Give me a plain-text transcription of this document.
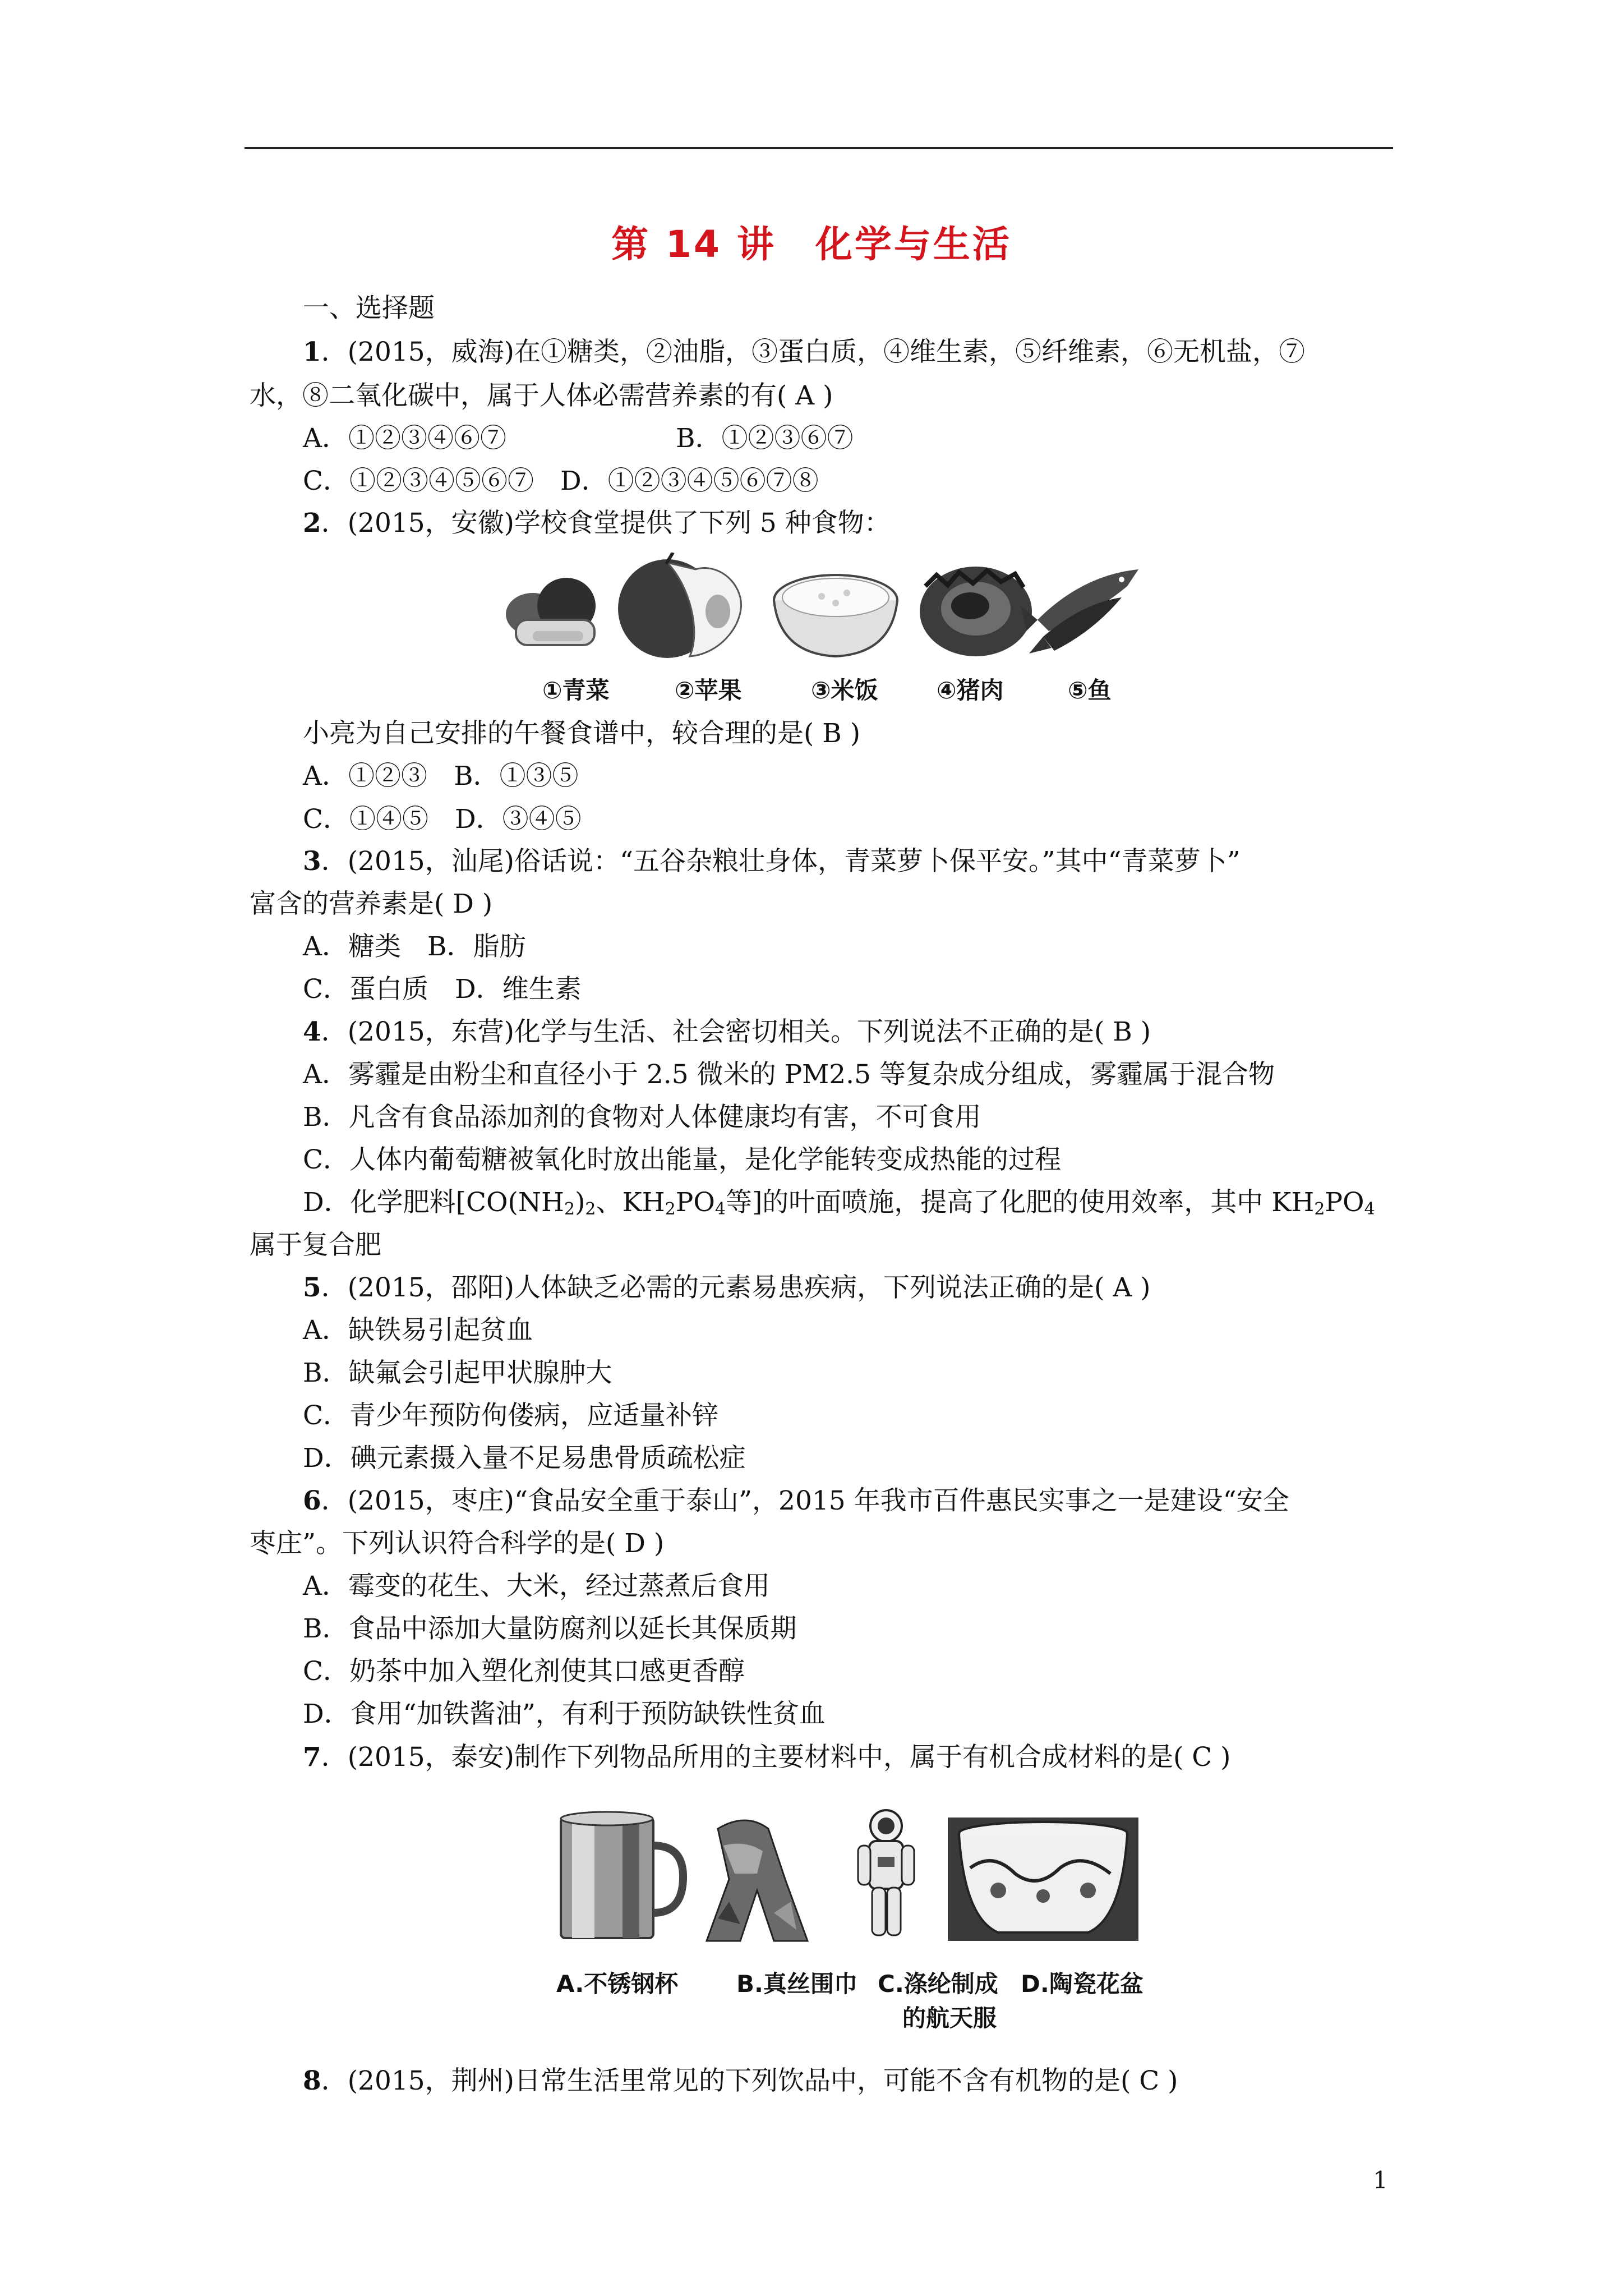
第 14 讲　化学与生活
一、选择题
1．(2015，威海)在①糖类，②油脂，③蛋白质，④维生素，⑤纤维素，⑥无机盐，⑦
水，⑧二氧化碳中，属于人体必需营养素的有( A )
A．①②③④⑥⑦	B．①②③⑥⑦
C．①②③④⑤⑥⑦　D．①②③④⑤⑥⑦⑧
2．(2015，安徽)学校食堂提供了下列 5 种食物：
①青菜	②苹果	③米饭 ④猪肉	⑤鱼
小亮为自己安排的午餐食谱中，较合理的是( B )
A．①②③　B．①③⑤
C．①④⑤　D．③④⑤
3．(2015，汕尾)俗话说：“五谷杂粮壮身体，青菜萝卜保平安。”其中“青菜萝卜”
富含的营养素是( D )
A．糖类　B．脂肪
C．蛋白质　D．维生素
4．(2015，东营)化学与生活、社会密切相关。下列说法不正确的是( B )
A．雾霾是由粉尘和直径小于 2.5 微米的 PM2.5 等复杂成分组成，雾霾属于混合物
B．凡含有食品添加剂的食物对人体健康均有害，不可食用
C．人体内葡萄糖被氧化时放出能量，是化学能转变成热能的过程
D．化学肥料[$CO(NH_2)_2$、$KH_2PO_4$等]的叶面喷施，提高了化肥的使用效率，其中 $KH_2PO_4$
属于复合肥
5．(2015，邵阳)人体缺乏必需的元素易患疾病，下列说法正确的是( A )
A．缺铁易引起贫血
B．缺氟会引起甲状腺肿大
C．青少年预防佝偻病，应适量补锌
D．碘元素摄入量不足易患骨质疏松症
6．(2015，枣庄)“食品安全重于泰山”，2015 年我市百件惠民实事之一是建设“安全
枣庄”。下列认识符合科学的是( D )
A．霉变的花生、大米，经过蒸煮后食用
B．食品中添加大量防腐剂以延长其保质期
C．奶茶中加入塑化剂使其口感更香醇
D．食用“加铁酱油”，有利于预防缺铁性贫血
7．(2015，泰安)制作下列物品所用的主要材料中，属于有机合成材料的是( C )
A.不锈钢杯 B.真丝围巾 C.涤纶制成 D.陶瓷花盆
的航天服
8．(2015，荆州)日常生活里常见的下列饮品中，可能不含有机物的是( C )
1
